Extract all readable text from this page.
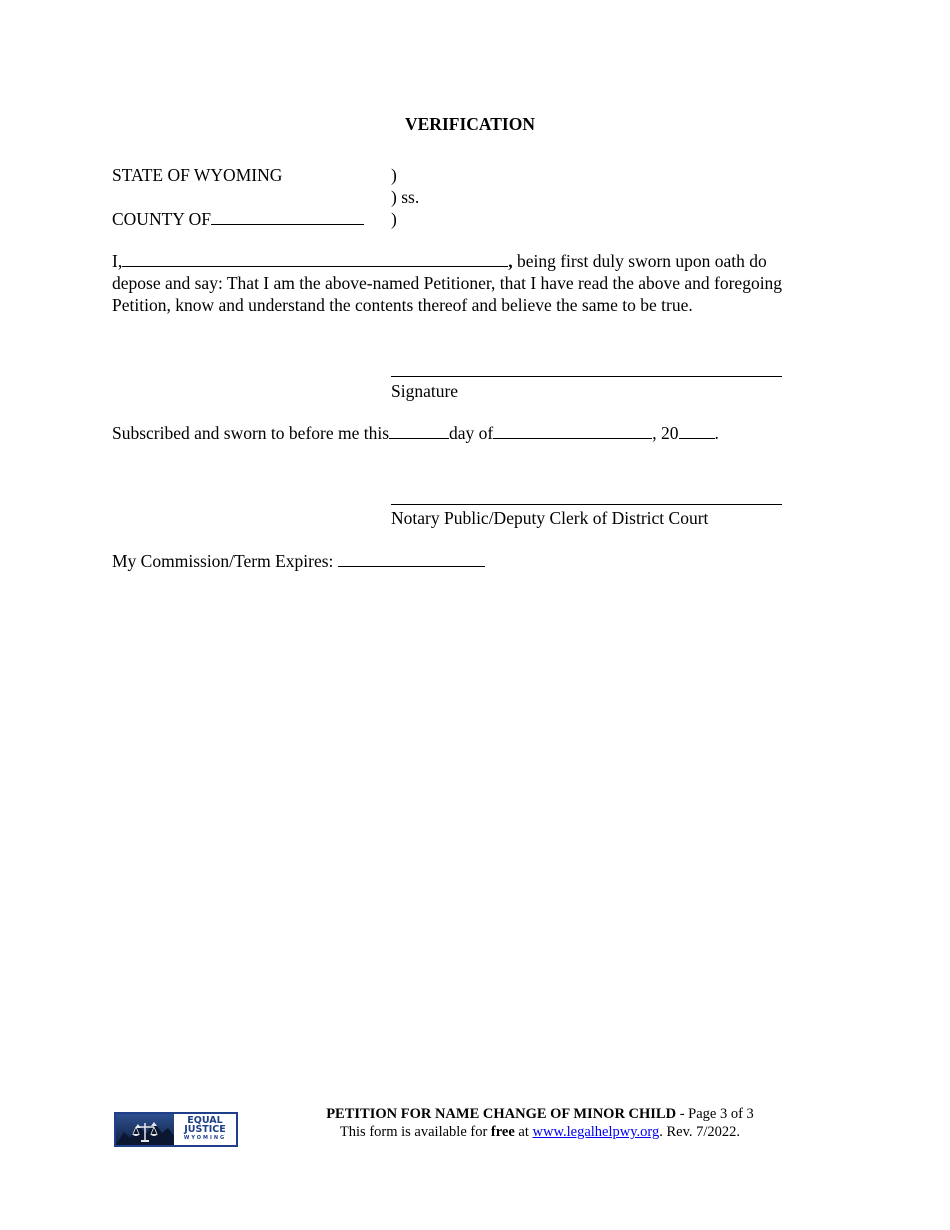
VERIFICATION
STATE OF WYOMING	)
) ss.
COUNTY OF	)
I,	, being first duly sworn upon oath do
depose and say: That I am the above-named Petitioner, that I have read the above and foregoing
Petition, know and understand the contents thereof and believe the same to be true.
Signature
Subscribed and sworn to before me this	day of	, 20 .
Notary Public/Deputy Clerk of District Court
My Commission/Term Expires:
EQUAL
JUSTICE
WYOMING
PETITION FOR NAME CHANGE OF MINOR CHILD - Page 3 of 3
This form is available for free at www.legalhelpwy.org. Rev. 7/2022.
